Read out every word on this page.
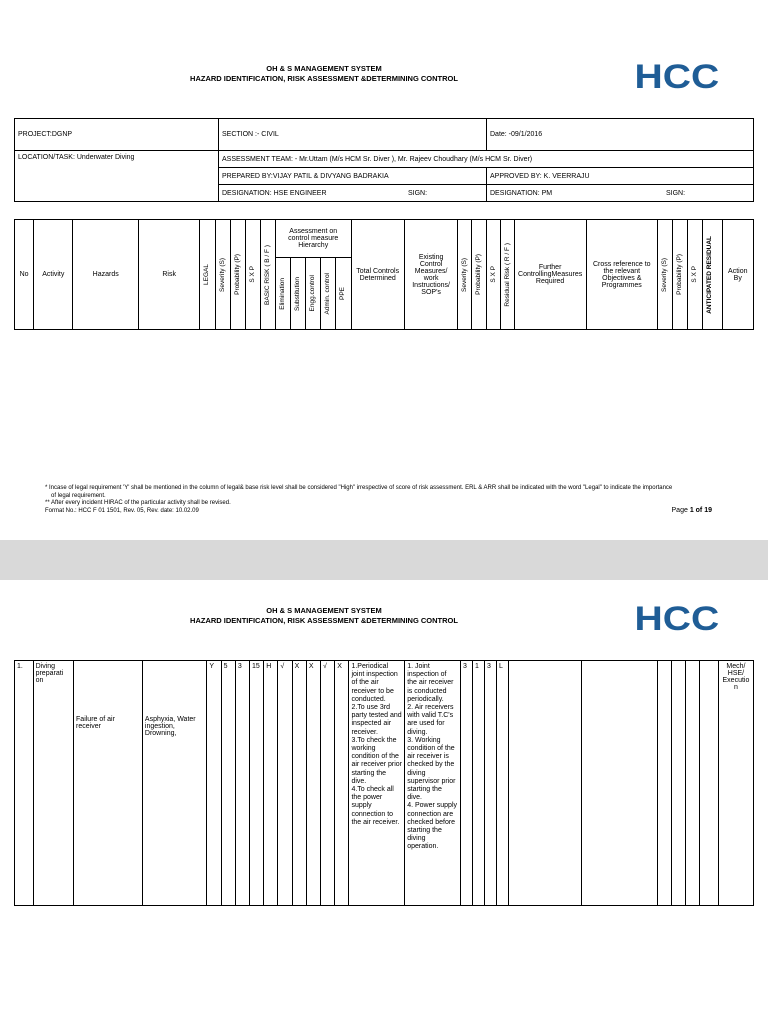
OH & S MANAGEMENT SYSTEM
HAZARD IDENTIFICATION, RISK ASSESSMENT &DETERMINING CONTROL	HCC
PROJECT:DGNP	SECTION :- CIVIL		Date: -09/1/2016	
LOCATION/TASK: Underwater Diving	ASSESSMENT TEAM: - Mr.Uttam (M/s HCM Sr. Diver ), Mr. Rajeev Choudhary (M/s HCM Sr. Diver)			
	PREPARED BY:VIJAY PATIL & DIVYANG BADRAKIA		APPROVED BY: K. VEERRAJU	
	DESIGNATION: HSE ENGINEER	SIGN:	DESIGNATION: PM	SIGN:
No	Activity	Hazards	Risk	LEGAL	Severity (S)	Probability (P)	S X P	BASIC RISK ( B / F )	Assessment on control measure Hierarchy					Total Controls Determined	Existing Control Measures/ work Instructions/ SOP's	Severity (S)	Probability (P)	S X P	Residual Risk ( R / F )	Further ControllingMeasures Required	Cross reference to the relevant Objectives & Programmes	Severity (S)	Probability (P)	S X P	ANTICIPATED RESIDUAL	Action By

									Elimination	Substitution	Engg.control	Admin. control	PPE													
* Incase of legal requirement 'Y' shall be mentioned in the column of legal& base risk level shall be considered "High" irrespective of score of risk assessment. ERL & ARR shall be indicated with the word "Legal" to indicate the importance
of legal requirement.
** After every incident HIRAC of the particular activity shall be revised.
Format No.: HCC F 01 1501, Rev. 05, Rev. date: 10.02.09	Page 1 of 19
OH & S MANAGEMENT SYSTEM
HAZARD IDENTIFICATION, RISK ASSESSMENT &DETERMINING CONTROL	HCC
1.	Diving preparati on	Failure of air receiver	Asphyxia, Water ingestion, Drowning,	Y	5	3	15	H	√	X	X	√	X	1.Periodical joint inspection of the air receiver to be conducted.
2.To use 3rd party tested and inspected air receiver.
3.To check the working condition of the air receiver prior starting the dive.
4.To check all the power supply connection to the air receiver.	1. Joint inspection of the air receiver is conducted periodically.
2. Air receivers with valid T.C's are used for diving.
3. Working condition of the air receiver is checked by the diving supervisor prior starting the dive.
4. Power supply connection are checked before starting the diving operation.	3	1	3	L							Mech/ HSE/ Executio n
